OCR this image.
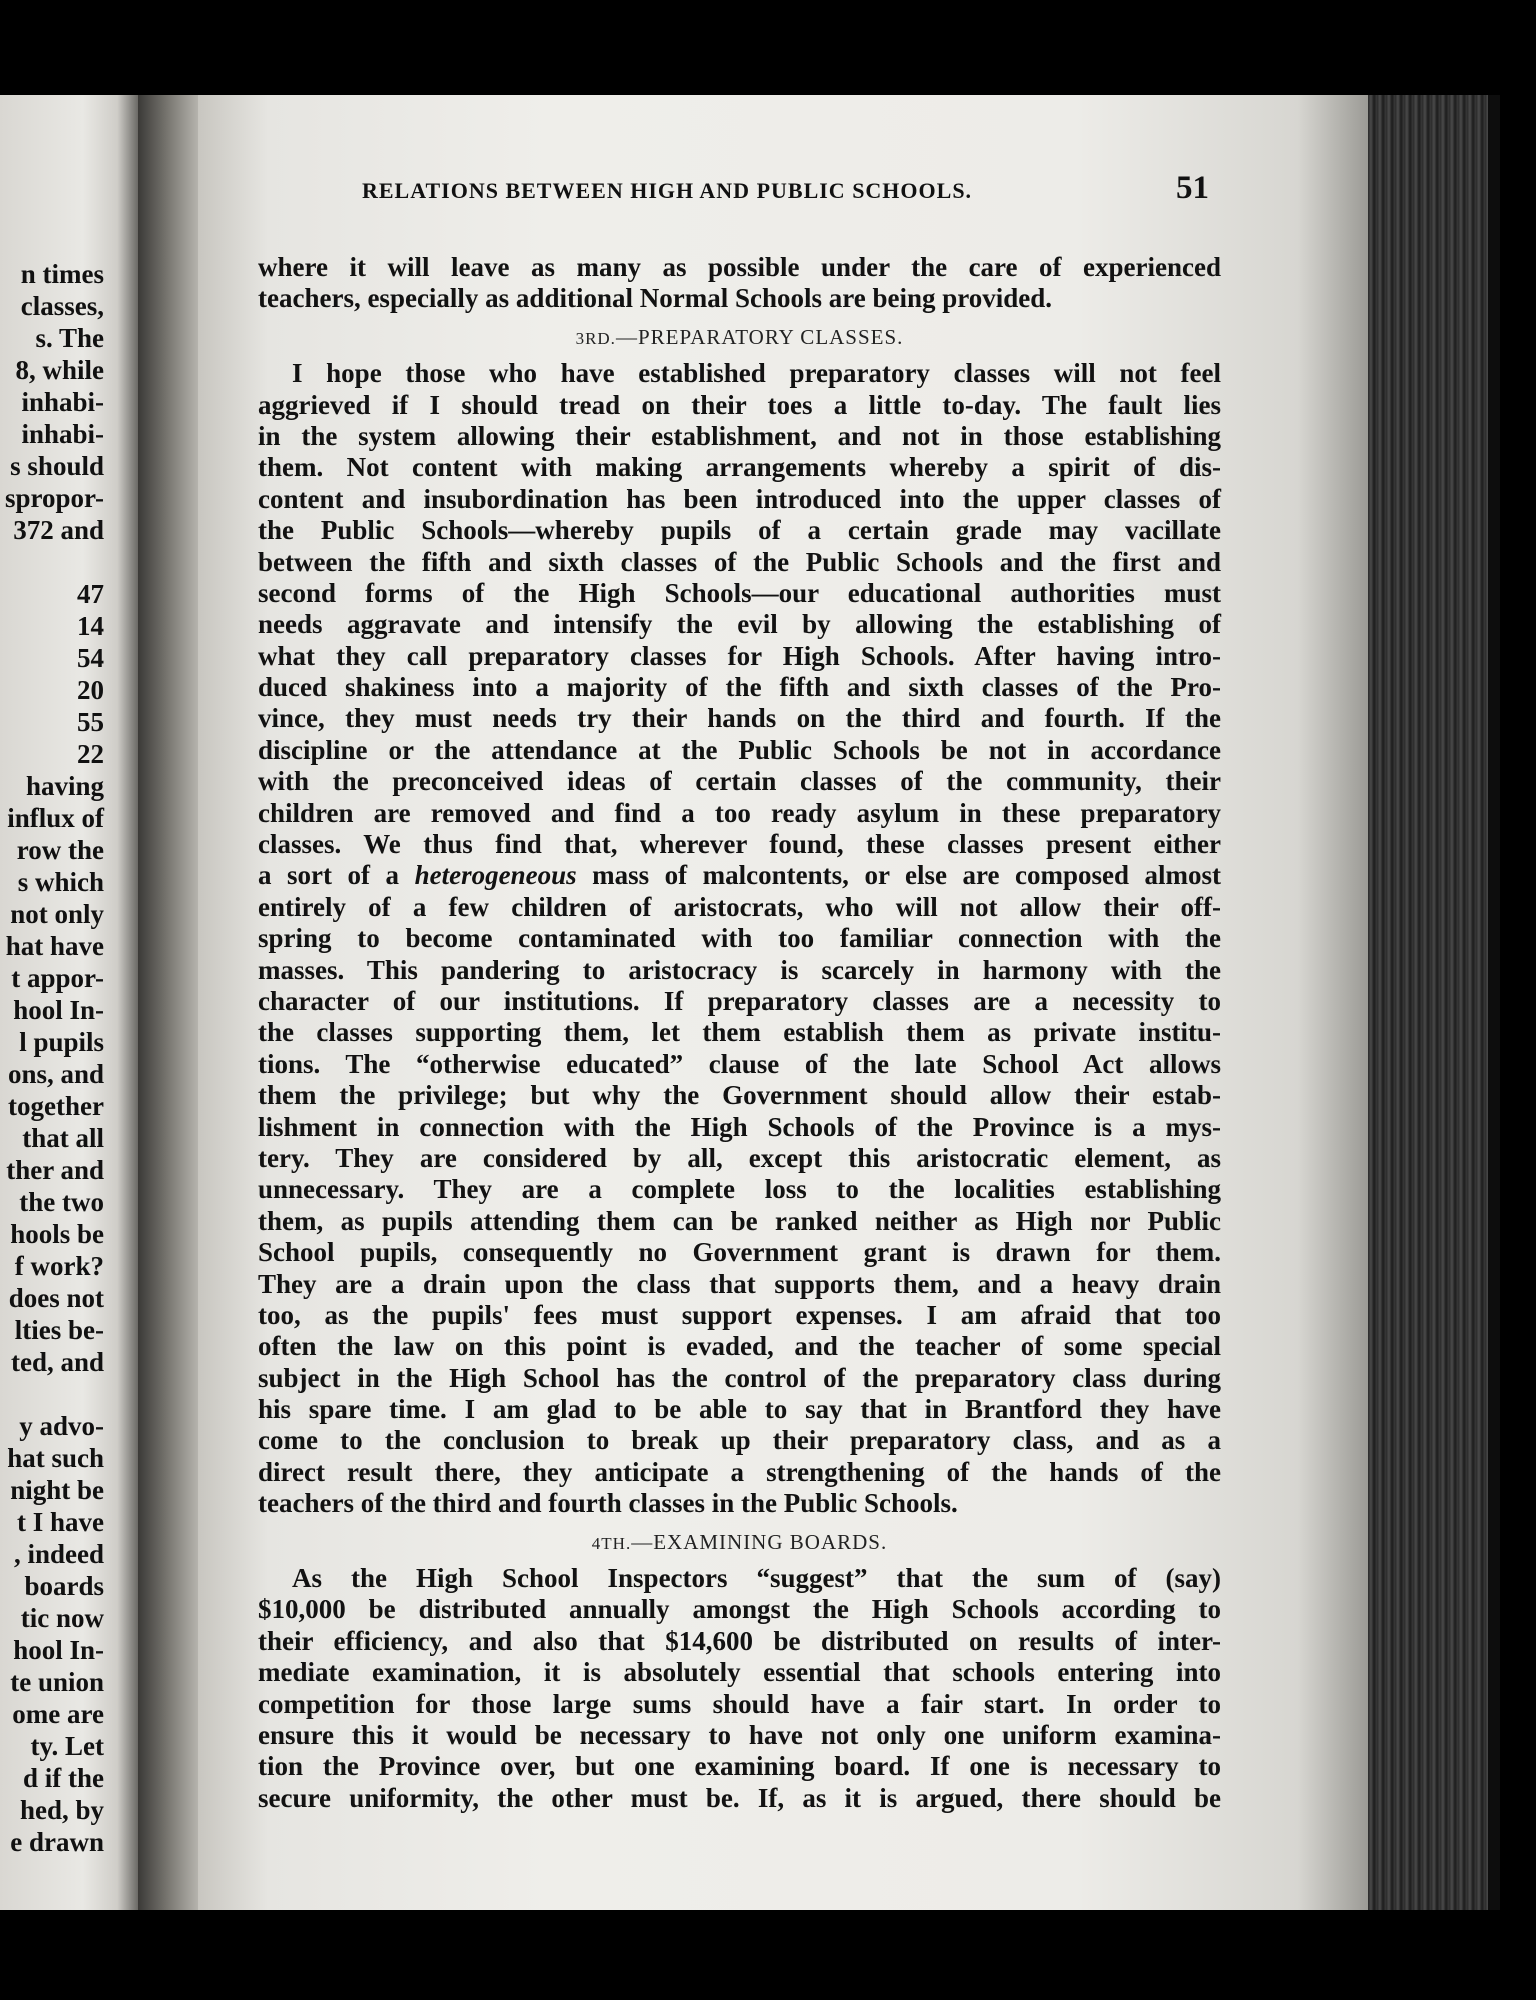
n times
classes,
s. The
8, while
inhabi-
inhabi-
s should
spropor-
372 and
47
14
54
20
55
22
having
influx of
row the
s which
not only
hat have
t appor-
hool In-
l pupils
ons, and
together
that all
ther and
the two
hools be
f work?
does not
lties be-
ted, and
y advo-
hat such
night be
t I have
, indeed
boards
tic now
hool In-
te union
ome are
ty. Let
d if the
hed, by
e drawn
RELATIONS BETWEEN HIGH AND PUBLIC SCHOOLS.	51
where it will leave as many as possible under the care of experienced
teachers, especially as additional Normal Schools are being provided.
3RD.—PREPARATORY CLASSES.
I hope those who have established preparatory classes will not feel
aggrieved if I should tread on their toes a little to-day. The fault lies
in the system allowing their establishment, and not in those establishing
them. Not content with making arrangements whereby a spirit of dis-
content and insubordination has been introduced into the upper classes of
the Public Schools—whereby pupils of a certain grade may vacillate
between the fifth and sixth classes of the Public Schools and the first and
second forms of the High Schools—our educational authorities must
needs aggravate and intensify the evil by allowing the establishing of
what they call preparatory classes for High Schools. After having intro-
duced shakiness into a majority of the fifth and sixth classes of the Pro-
vince, they must needs try their hands on the third and fourth. If the
discipline or the attendance at the Public Schools be not in accordance
with the preconceived ideas of certain classes of the community, their
children are removed and find a too ready asylum in these preparatory
classes. We thus find that, wherever found, these classes present either
a sort of a heterogeneous mass of malcontents, or else are composed almost
entirely of a few children of aristocrats, who will not allow their off-
spring to become contaminated with too familiar connection with the
masses. This pandering to aristocracy is scarcely in harmony with the
character of our institutions. If preparatory classes are a necessity to
the classes supporting them, let them establish them as private institu-
tions. The “otherwise educated” clause of the late School Act allows
them the privilege; but why the Government should allow their estab-
lishment in connection with the High Schools of the Province is a mys-
tery. They are considered by all, except this aristocratic element, as
unnecessary. They are a complete loss to the localities establishing
them, as pupils attending them can be ranked neither as High nor Public
School pupils, consequently no Government grant is drawn for them.
They are a drain upon the class that supports them, and a heavy drain
too, as the pupils' fees must support expenses. I am afraid that too
often the law on this point is evaded, and the teacher of some special
subject in the High School has the control of the preparatory class during
his spare time. I am glad to be able to say that in Brantford they have
come to the conclusion to break up their preparatory class, and as a
direct result there, they anticipate a strengthening of the hands of the
teachers of the third and fourth classes in the Public Schools.
4TH.—EXAMINING BOARDS.
As the High School Inspectors “suggest” that the sum of (say)
$10,000 be distributed annually amongst the High Schools according to
their efficiency, and also that $14,600 be distributed on results of inter-
mediate examination, it is absolutely essential that schools entering into
competition for those large sums should have a fair start. In order to
ensure this it would be necessary to have not only one uniform examina-
tion the Province over, but one examining board. If one is necessary to
secure uniformity, the other must be. If, as it is argued, there should be
